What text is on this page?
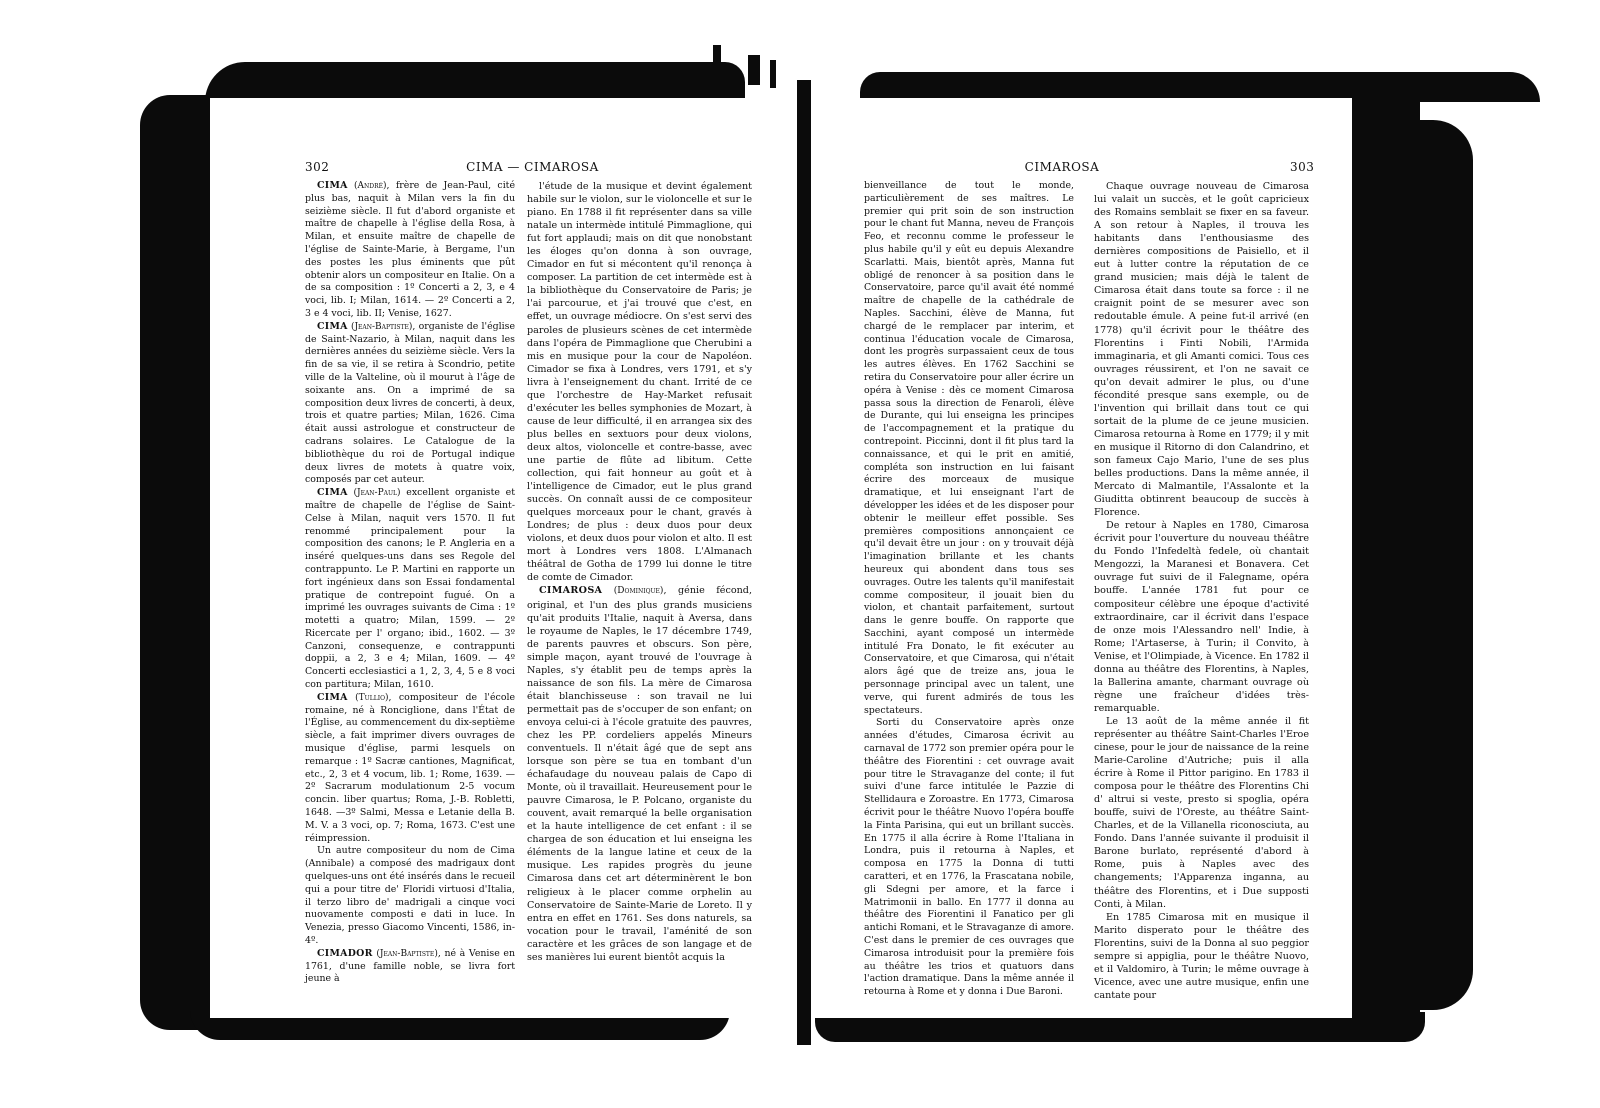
302	CIMA — CIMAROSA

CIMA (André), frère de Jean-Paul, cité plus bas, naquit à Milan vers la fin du seizième siècle. Il fut d'abord organiste et maître de chapelle à l'église della Rosa, à Milan, et ensuite maître de chapelle de l'église de Sainte-Marie, à Bergame, l'un des postes les plus éminents que pût obtenir alors un compositeur en Italie. On a de sa composition : 1º Concerti a 2, 3, e 4 voci, lib. I; Milan, 1614. — 2º Concerti a 2, 3 e 4 voci, lib. II; Venise, 1627.

CIMA (Jean-Baptiste), organiste de l'église de Saint-Nazario, à Milan, naquit dans les dernières années du seizième siècle. Vers la fin de sa vie, il se retira à Scondrio, petite ville de la Valteline, où il mourut à l'âge de soixante ans. On a imprimé de sa composition deux livres de concerti, à deux, trois et quatre parties; Milan, 1626. Cima était aussi astrologue et constructeur de cadrans solaires. Le Catalogue de la bibliothèque du roi de Portugal indique deux livres de motets à quatre voix, composés par cet auteur.

CIMA (Jean-Paul) excellent organiste et maître de chapelle de l'église de Saint-Celse à Milan, naquit vers 1570. Il fut renommé principalement pour la composition des canons; le P. Angleria en a inséré quelques-uns dans ses Regole del contrappunto. Le P. Martini en rapporte un fort ingénieux dans son Essai fondamental pratique de contrepoint fugué. On a imprimé les ouvrages suivants de Cima : 1º motetti a quatro; Milan, 1599. — 2º Ricercate per l' organo; ibid., 1602. — 3º Canzoni, consequenze, e contrappunti doppii, a 2, 3 e 4; Milan, 1609. — 4º Concerti ecclesiastici a 1, 2, 3, 4, 5 e 8 voci con partitura; Milan, 1610.

CIMA (Tullio), compositeur de l'école romaine, né à Ronciglione, dans l'État de l'Église, au commencement du dix-septième siècle, a fait imprimer divers ouvrages de musique d'église, parmi lesquels on remarque : 1º Sacræ cantiones, Magnificat, etc., 2, 3 et 4 vocum, lib. 1; Rome, 1639. — 2º Sacrarum modulationum 2-5 vocum concin. liber quartus; Roma, J.-B. Robletti, 1648. —3º Salmi, Messa e Letanie della B. M. V. a 3 voci, op. 7; Roma, 1673. C'est une réimpression.

Un autre compositeur du nom de Cima (Annibale) a composé des madrigaux dont quelques-uns ont été insérés dans le recueil qui a pour titre de' Floridi virtuosi d'Italia, il terzo libro de' madrigali a cinque voci nuovamente composti e dati in luce. In Venezia, presso Giacomo Vincenti, 1586, in-4º.

CIMADOR (Jean-Baptiste), né à Venise en 1761, d'une famille noble, se livra fort jeune à

l'étude de la musique et devint également habile sur le violon, sur le violoncelle et sur le piano. En 1788 il fit représenter dans sa ville natale un intermède intitulé Pimmaglione, qui fut fort applaudi; mais on dit que nonobstant les éloges qu'on donna à son ouvrage, Cimador en fut si mécontent qu'il renonça à composer. La partition de cet intermède est à la bibliothèque du Conservatoire de Paris; je l'ai parcourue, et j'ai trouvé que c'est, en effet, un ouvrage médiocre. On s'est servi des paroles de plusieurs scènes de cet intermède dans l'opéra de Pimmaglione que Cherubini a mis en musique pour la cour de Napoléon. Cimador se fixa à Londres, vers 1791, et s'y livra à l'enseignement du chant. Irrité de ce que l'orchestre de Hay-Market refusait d'exécuter les belles symphonies de Mozart, à cause de leur difficulté, il en arrangea six des plus belles en sextuors pour deux violons, deux altos, violoncelle et contre-basse, avec une partie de flûte ad libitum. Cette collection, qui fait honneur au goût et à l'intelligence de Cimador, eut le plus grand succès. On connaît aussi de ce compositeur quelques morceaux pour le chant, gravés à Londres; de plus : deux duos pour deux violons, et deux duos pour violon et alto. Il est mort à Londres vers 1808. L'Almanach théâtral de Gotha de 1799 lui donne le titre de comte de Cimador.

CIMAROSA (Dominique), génie fécond, original, et l'un des plus grands musiciens qu'ait produits l'Italie, naquit à Aversa, dans le royaume de Naples, le 17 décembre 1749, de parents pauvres et obscurs. Son père, simple maçon, ayant trouvé de l'ouvrage à Naples, s'y établit peu de temps après la naissance de son fils. La mère de Cimarosa était blanchisseuse : son travail ne lui permettait pas de s'occuper de son enfant; on envoya celui-ci à l'école gratuite des pauvres, chez les PP. cordeliers appelés Mineurs conventuels. Il n'était âgé que de sept ans lorsque son père se tua en tombant d'un échafaudage du nouveau palais de Capo di Monte, où il travaillait. Heureusement pour le pauvre Cimarosa, le P. Polcano, organiste du couvent, avait remarqué la belle organisation et la haute intelligence de cet enfant : il se chargea de son éducation et lui enseigna les éléments de la langue latine et ceux de la musique. Les rapides progrès du jeune Cimarosa dans cet art déterminèrent le bon religieux à le placer comme orphelin au Conservatoire de Sainte-Marie de Loreto. Il y entra en effet en 1761. Ses dons naturels, sa vocation pour le travail, l'aménité de son caractère et les grâces de son langage et de ses manières lui eurent bientôt acquis la

CIMAROSA	303

bienveillance de tout le monde, particulièrement de ses maîtres. Le premier qui prit soin de son instruction pour le chant fut Manna, neveu de François Feo, et reconnu comme le professeur le plus habile qu'il y eût eu depuis Alexandre Scarlatti. Mais, bientôt après, Manna fut obligé de renoncer à sa position dans le Conservatoire, parce qu'il avait été nommé maître de chapelle de la cathédrale de Naples. Sacchini, élève de Manna, fut chargé de le remplacer par interim, et continua l'éducation vocale de Cimarosa, dont les progrès surpassaient ceux de tous les autres élèves. En 1762 Sacchini se retira du Conservatoire pour aller écrire un opéra à Venise : dès ce moment Cimarosa passa sous la direction de Fenaroli, élève de Durante, qui lui enseigna les principes de l'accompagnement et la pratique du contrepoint. Piccinni, dont il fit plus tard la connaissance, et qui le prit en amitié, compléta son instruction en lui faisant écrire des morceaux de musique dramatique, et lui enseignant l'art de développer les idées et de les disposer pour obtenir le meilleur effet possible. Ses premières compositions annonçaient ce qu'il devait être un jour : on y trouvait déjà l'imagination brillante et les chants heureux qui abondent dans tous ses ouvrages. Outre les talents qu'il manifestait comme compositeur, il jouait bien du violon, et chantait parfaitement, surtout dans le genre bouffe. On rapporte que Sacchini, ayant composé un intermède intitulé Fra Donato, le fit exécuter au Conservatoire, et que Cimarosa, qui n'était alors âgé que de treize ans, joua le personnage principal avec un talent, une verve, qui furent admirés de tous les spectateurs.

Sorti du Conservatoire après onze années d'études, Cimarosa écrivit au carnaval de 1772 son premier opéra pour le théâtre des Fiorentini : cet ouvrage avait pour titre le Stravaganze del conte; il fut suivi d'une farce intitulée le Pazzie di Stellidaura e Zoroastre. En 1773, Cimarosa écrivit pour le théâtre Nuovo l'opéra bouffe la Finta Parisina, qui eut un brillant succès. En 1775 il alla écrire à Rome l'Italiana in Londra, puis il retourna à Naples, et composa en 1775 la Donna di tutti caratteri, et en 1776, la Frascatana nobile, gli Sdegni per amore, et la farce i Matrimonii in ballo. En 1777 il donna au théâtre des Fiorentini il Fanatico per gli antichi Romani, et le Stravaganze di amore. C'est dans le premier de ces ouvrages que Cimarosa introduisit pour la première fois au théâtre les trios et quatuors dans l'action dramatique. Dans la même année il retourna à Rome et y donna i Due Baroni.

Chaque ouvrage nouveau de Cimarosa lui valait un succès, et le goût capricieux des Romains semblait se fixer en sa faveur. A son retour à Naples, il trouva les habitants dans l'enthousiasme des dernières compositions de Paisiello, et il eut à lutter contre la réputation de ce grand musicien; mais déjà le talent de Cimarosa était dans toute sa force : il ne craignit point de se mesurer avec son redoutable émule. A peine fut-il arrivé (en 1778) qu'il écrivit pour le théâtre des Florentins i Finti Nobili, l'Armida immaginaria, et gli Amanti comici. Tous ces ouvrages réussirent, et l'on ne savait ce qu'on devait admirer le plus, ou d'une fécondité presque sans exemple, ou de l'invention qui brillait dans tout ce qui sortait de la plume de ce jeune musicien. Cimarosa retourna à Rome en 1779; il y mit en musique il Ritorno di don Calandrino, et son fameux Cajo Mario, l'une de ses plus belles productions. Dans la même année, il Mercato di Malmantile, l'Assalonte et la Giuditta obtinrent beaucoup de succès à Florence.

De retour à Naples en 1780, Cimarosa écrivit pour l'ouverture du nouveau théâtre du Fondo l'Infedeltà fedele, où chantait Mengozzi, la Maranesi et Bonavera. Cet ouvrage fut suivi de il Falegname, opéra bouffe. L'année 1781 fut pour ce compositeur célèbre une époque d'activité extraordinaire, car il écrivit dans l'espace de onze mois l'Alessandro nell' Indie, à Rome; l'Artaserse, à Turin; il Convito, à Venise, et l'Olimpiade, à Vicence. En 1782 il donna au théâtre des Florentins, à Naples, la Ballerina amante, charmant ouvrage où règne une fraîcheur d'idées très-remarquable.

Le 13 août de la même année il fit représenter au théâtre Saint-Charles l'Eroe cinese, pour le jour de naissance de la reine Marie-Caroline d'Autriche; puis il alla écrire à Rome il Pittor parigino. En 1783 il composa pour le théâtre des Florentins Chi d' altrui si veste, presto si spoglia, opéra bouffe, suivi de l'Oreste, au théâtre Saint-Charles, et de la Villanella riconosciuta, au Fondo. Dans l'année suivante il produisit il Barone burlato, représenté d'abord à Rome, puis à Naples avec des changements; l'Apparenza inganna, au théâtre des Florentins, et i Due supposti Conti, à Milan.

En 1785 Cimarosa mit en musique il Marito disperato pour le théâtre des Florentins, suivi de la Donna al suo peggior sempre si appiglia, pour le théâtre Nuovo, et il Valdomiro, à Turin; le même ouvrage à Vicence, avec une autre musique, enfin une cantate pour
